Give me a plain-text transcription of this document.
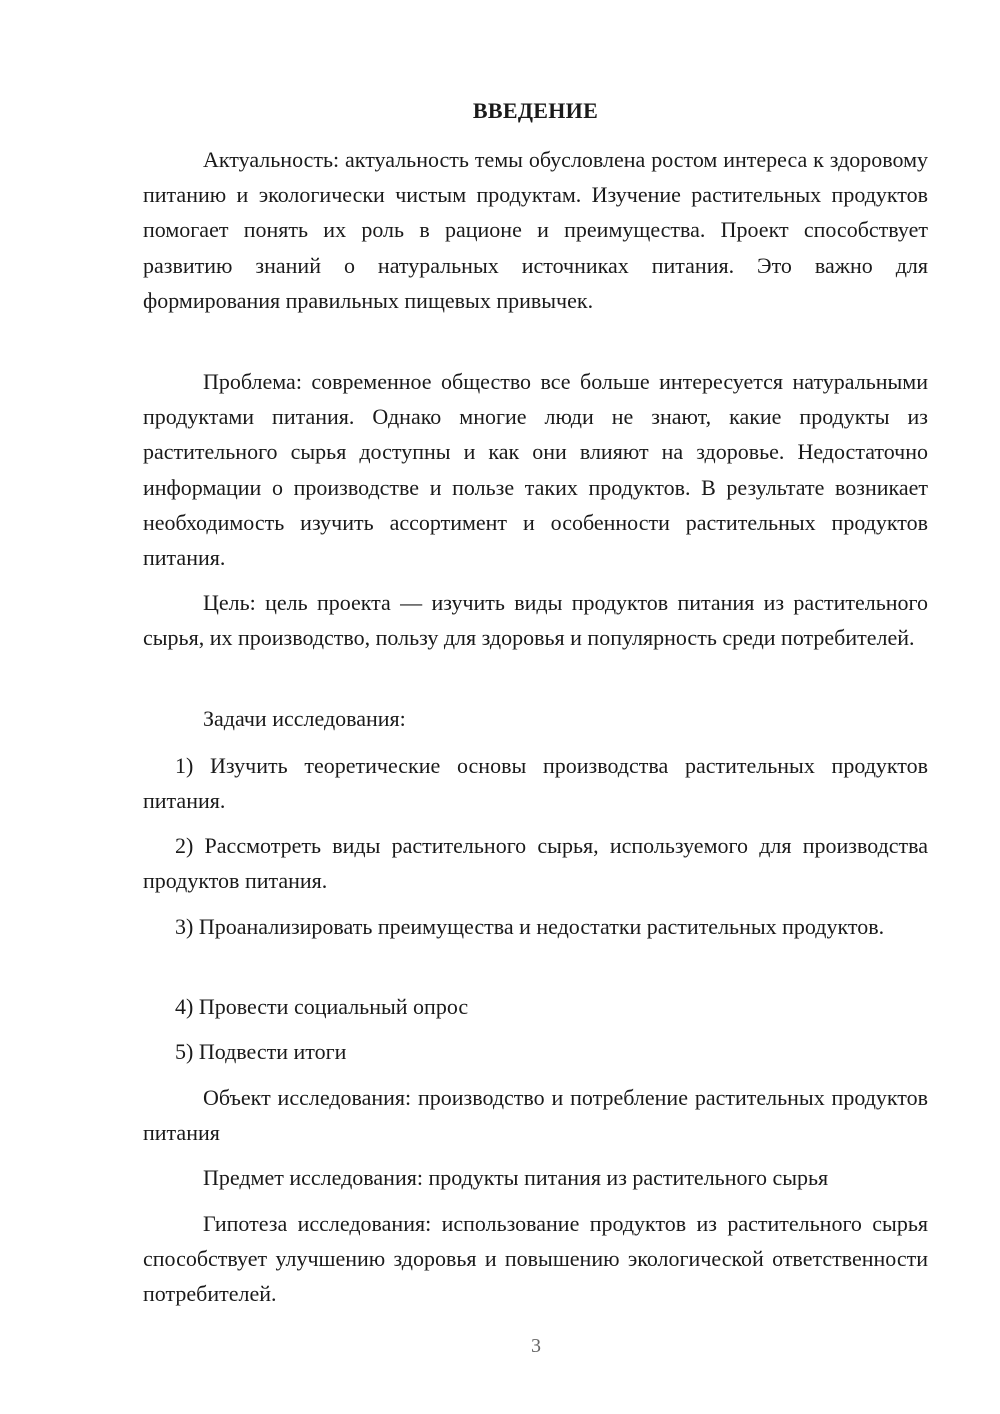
ВВЕДЕНИЕ

Актуальность: актуальность темы обусловлена ростом интереса к здоровому питанию и экологически чистым продуктам. Изучение растительных продуктов помогает понять их роль в рационе и преимущества. Проект способствует развитию знаний о натуральных источниках питания. Это важно для формирования правильных пищевых привычек.

Проблема: современное общество все больше интересуется натуральными продуктами питания. Однако многие люди не знают, какие продукты из растительного сырья доступны и как они влияют на здоровье. Недостаточно информации о производстве и пользе таких продуктов. В результате возникает необходимость изучить ассортимент и особенности растительных продуктов питания.

Цель: цель проекта — изучить виды продуктов питания из растительного сырья, их производство, пользу для здоровья и популярность среди потребителей.

Задачи исследования:

1) Изучить теоретические основы производства растительных продуктов питания.

2) Рассмотреть виды растительного сырья, используемого для производства продуктов питания.

3) Проанализировать преимущества и недостатки растительных продуктов.

4) Провести социальный опрос

5) Подвести итоги

Объект исследования: производство и потребление растительных продуктов питания

Предмет исследования: продукты питания из растительного сырья

Гипотеза исследования: использование продуктов из растительного сырья способствует улучшению здоровья и повышению экологической ответственности потребителей.

3
